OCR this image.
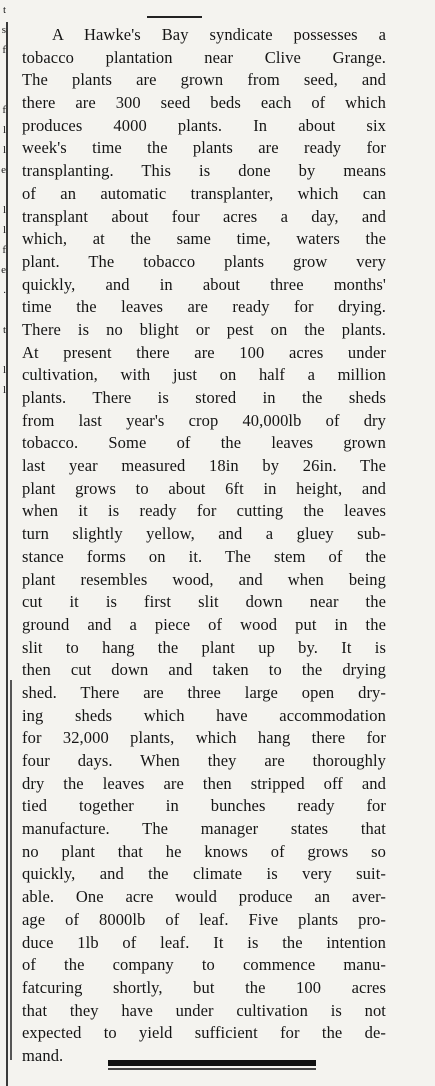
t
s
f
f
l
l
e
l
l
f
e
.
t
l
l
A Hawke's Bay syndicate possesses a
tobacco plantation near Clive Grange.
The plants are grown from seed, and
there are 300 seed beds each of which
produces 4000 plants. In about six
week's time the plants are ready for
transplanting. This is done by means
of an automatic transplanter, which can
transplant about four acres a day, and
which, at the same time, waters the
plant. The tobacco plants grow very
quickly, and in about three months'
time the leaves are ready for drying.
There is no blight or pest on the plants.
At present there are 100 acres under
cultivation, with just on half a million
plants. There is stored in the sheds
from last year's crop 40,000lb of dry
tobacco. Some of the leaves grown
last year measured 18in by 26in. The
plant grows to about 6ft in height, and
when it is ready for cutting the leaves
turn slightly yellow, and a gluey sub-
stance forms on it. The stem of the
plant resembles wood, and when being
cut it is first slit down near the
ground and a piece of wood put in the
slit to hang the plant up by. It is
then cut down and taken to the drying
shed. There are three large open dry-
ing sheds which have accommodation
for 32,000 plants, which hang there for
four days. When they are thoroughly
dry the leaves are then stripped off and
tied together in bunches ready for
manufacture. The manager states that
no plant that he knows of grows so
quickly, and the climate is very suit-
able. One acre would produce an aver-
age of 8000lb of leaf. Five plants pro-
duce 1lb of leaf. It is the intention
of the company to commence manu-
fatcuring shortly, but the 100 acres
that they have under cultivation is not
expected to yield sufficient for the de-
mand.
